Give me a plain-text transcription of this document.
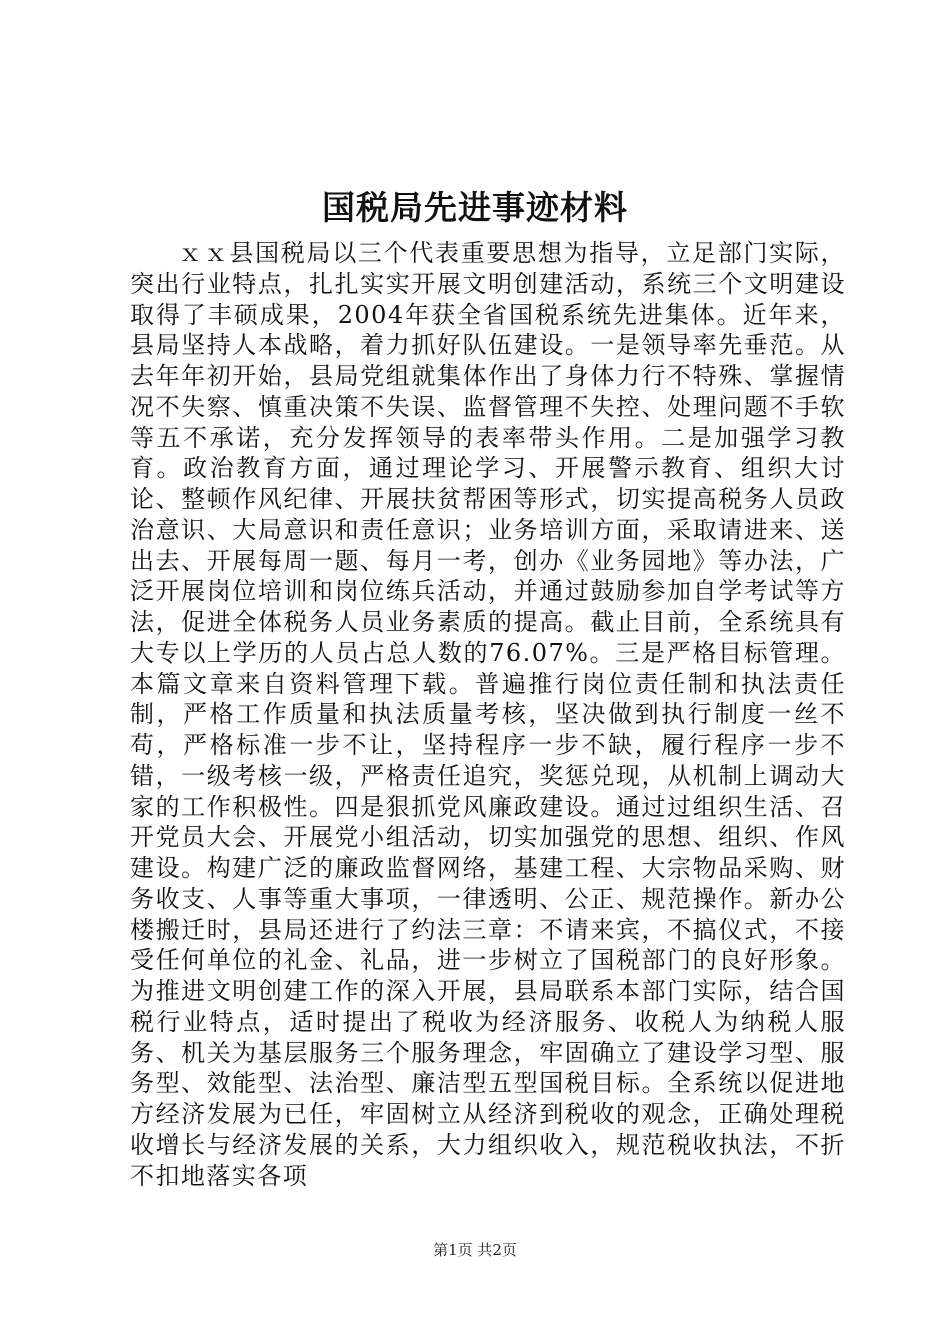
国税局先进事迹材料

ｘｘ县国税局以三个代表重要思想为指导，立足部门实际，突出行业特点，扎扎实实开展文明创建活动，系统三个文明建设取得了丰硕成果，2004年获全省国税系统先进集体。近年来，县局坚持人本战略，着力抓好队伍建设。一是领导率先垂范。从去年年初开始，县局党组就集体作出了身体力行不特殊、掌握情况不失察、慎重决策不失误、监督管理不失控、处理问题不手软等五不承诺，充分发挥领导的表率带头作用。二是加强学习教育。政治教育方面，通过理论学习、开展警示教育、组织大讨论、整顿作风纪律、开展扶贫帮困等形式，切实提高税务人员政治意识、大局意识和责任意识；业务培训方面，采取请进来、送出去、开展每周一题、每月一考，创办《业务园地》等办法，广泛开展岗位培训和岗位练兵活动，并通过鼓励参加自学考试等方法，促进全体税务人员业务素质的提高。截止目前，全系统具有大专以上学历的人员占总人数的76.07%。三是严格目标管理。本篇文章来自资料管理下载。普遍推行岗位责任制和执法责任制，严格工作质量和执法质量考核，坚决做到执行制度一丝不苟，严格标准一步不让，坚持程序一步不缺，履行程序一步不错，一级考核一级，严格责任追究，奖惩兑现，从机制上调动大家的工作积极性。四是狠抓党风廉政建设。通过过组织生活、召开党员大会、开展党小组活动，切实加强党的思想、组织、作风建设。构建广泛的廉政监督网络，基建工程、大宗物品采购、财务收支、人事等重大事项，一律透明、公正、规范操作。新办公楼搬迁时，县局还进行了约法三章：不请来宾，不搞仪式，不接受任何单位的礼金、礼品，进一步树立了国税部门的良好形象。为推进文明创建工作的深入开展，县局联系本部门实际，结合国税行业特点，适时提出了税收为经济服务、收税人为纳税人服务、机关为基层服务三个服务理念，牢固确立了建设学习型、服务型、效能型、法治型、廉洁型五型国税目标。全系统以促进地方经济发展为已任，牢固树立从经济到税收的观念，正确处理税收增长与经济发展的关系，大力组织收入，规范税收执法，不折不扣地落实各项

第1页 共2页
